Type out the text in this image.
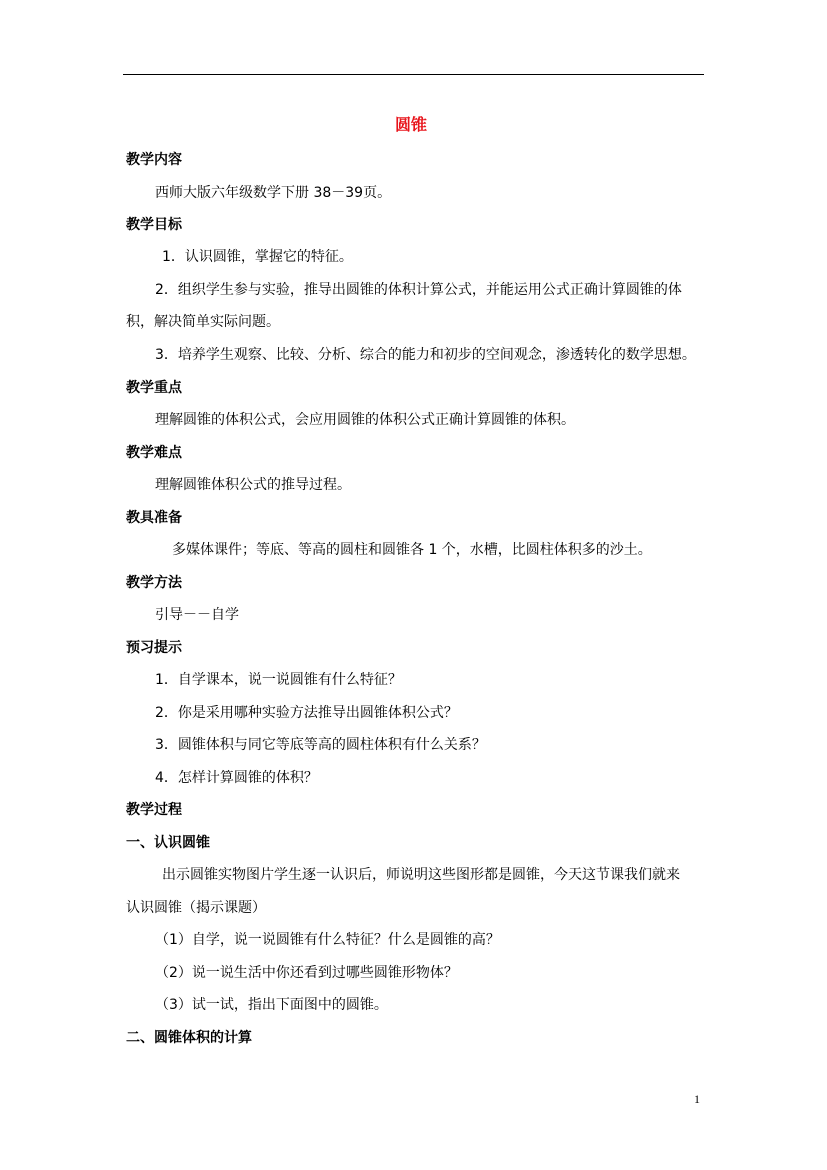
圆锥
教学内容
西师大版六年级数学下册 38－39页。
教学目标
1．认识圆锥，掌握它的特征。
2．组织学生参与实验，推导出圆锥的体积计算公式，并能运用公式正确计算圆锥的体
积，解决简单实际问题。
3．培养学生观察、比较、分析、综合的能力和初步的空间观念，渗透转化的数学思想。
教学重点
理解圆锥的体积公式，会应用圆锥的体积公式正确计算圆锥的体积。
教学难点
理解圆锥体积公式的推导过程。
教具准备
多媒体课件；等底、等高的圆柱和圆锥各 1 个，水槽，比圆柱体积多的沙土。
教学方法
引导－－自学
预习提示
1．自学课本，说一说圆锥有什么特征？
2．你是采用哪种实验方法推导出圆锥体积公式？
3．圆锥体积与同它等底等高的圆柱体积有什么关系？
4．怎样计算圆锥的体积？
教学过程
一、认识圆锥
出示圆锥实物图片学生逐一认识后，师说明这些图形都是圆锥，今天这节课我们就来
认识圆锥（揭示课题）
（1）自学，说一说圆锥有什么特征？什么是圆锥的高？
（2）说一说生活中你还看到过哪些圆锥形物体？
（3）试一试，指出下面图中的圆锥。
二、圆锥体积的计算
1
